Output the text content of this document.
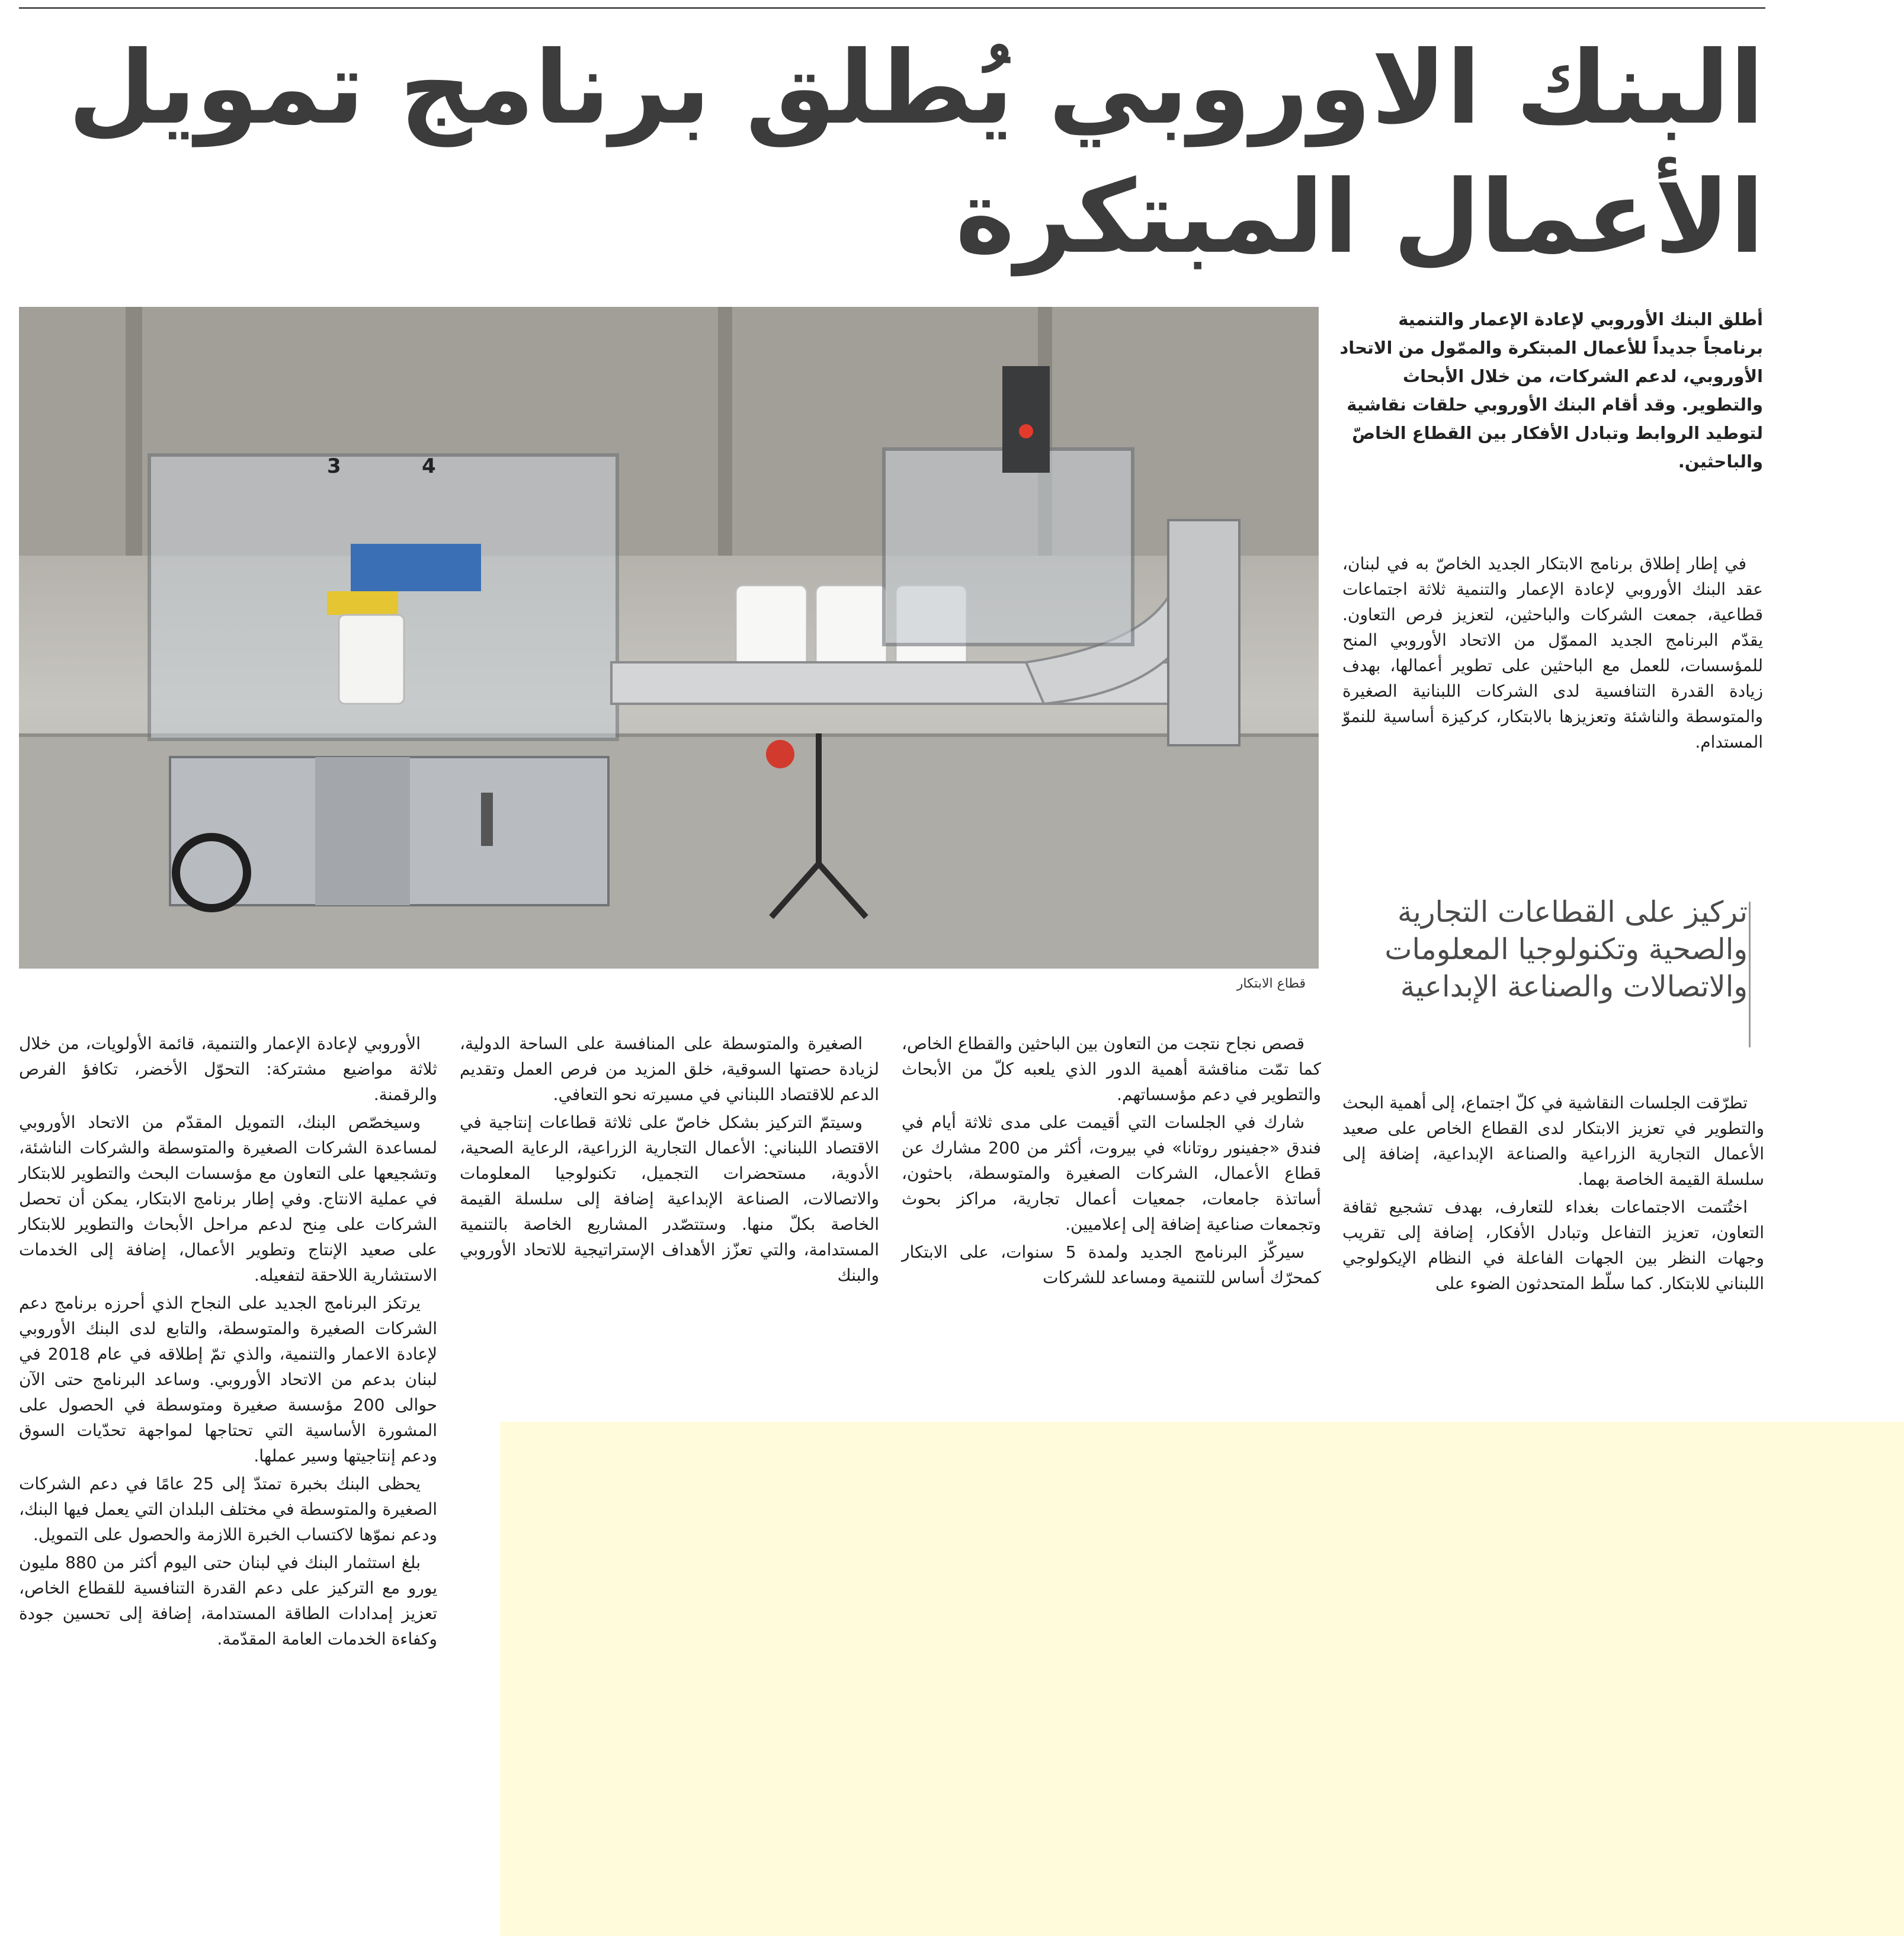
البنك الاوروبي يُطلق برنامج تمويل الأعمال المبتكرة

أطلق البنك الأوروبي لإعادة الإعمار والتنمية برنامجاً جديداً للأعمال المبتكرة والممّول من الاتحاد الأوروبي، لدعم الشركات، من خلال الأبحاث والتطوير. وقد أقام البنك الأوروبي حلقات نقاشية لتوطيد الروابط وتبادل الأفكار بين القطاع الخاصّ والباحثين.

3	4

قطاع الابتكار

في إطار إطلاق برنامج الابتكار الجديد الخاصّ به في لبنان، عقد البنك الأوروبي لإعادة الإعمار والتنمية ثلاثة اجتماعات قطاعية، جمعت الشركات والباحثين، لتعزيز فرص التعاون. يقدّم البرنامج الجديد المموّل من الاتحاد الأوروبي المنح للمؤسسات، للعمل مع الباحثين على تطوير أعمالها، بهدف زيادة القدرة التنافسية لدى الشركات اللبنانية الصغيرة والمتوسطة والناشئة وتعزيزها بالابتكار، كركيزة أساسية للنموّ المستدام.

تركيز على القطاعات التجارية والصحية وتكنولوجيا المعلومات والاتصالات والصناعة الإبداعية

تطرّقت الجلسات النقاشية في كلّ اجتماع، إلى أهمية البحث والتطوير في تعزيز الابتكار لدى القطاع الخاص على صعيد الأعمال التجارية الزراعية والصناعة الإبداعية، إضافة إلى سلسلة القيمة الخاصة بهما.

اختُتمت الاجتماعات بغداء للتعارف، بهدف تشجيع ثقافة التعاون، تعزيز التفاعل وتبادل الأفكار، إضافة إلى تقريب وجهات النظر بين الجهات الفاعلة في النظام الإيكولوجي اللبناني للابتكار. كما سلّط المتحدثون الضوء على

قصص نجاح نتجت من التعاون بين الباحثين والقطاع الخاص، كما تمّت مناقشة أهمية الدور الذي يلعبه كلّ من الأبحاث والتطوير في دعم مؤسساتهم.

شارك في الجلسات التي أقيمت على مدى ثلاثة أيام في فندق «جفينور روتانا» في بيروت، أكثر من 200 مشارك عن قطاع الأعمال، الشركات الصغيرة والمتوسطة، باحثون، أساتذة جامعات، جمعيات أعمال تجارية، مراكز بحوث وتجمعات صناعية إضافة إلى إعلاميين.

سيركّز البرنامج الجديد ولمدة 5 سنوات، على الابتكار كمحرّك أساس للتنمية ومساعد للشركات

الصغيرة والمتوسطة على المنافسة على الساحة الدولية، لزيادة حصتها السوقية، خلق المزيد من فرص العمل وتقديم الدعم للاقتصاد اللبناني في مسيرته نحو التعافي.

وسيتمّ التركيز بشكل خاصّ على ثلاثة قطاعات إنتاجية في الاقتصاد اللبناني: الأعمال التجارية الزراعية، الرعاية الصحية، الأدوية، مستحضرات التجميل، تكنولوجيا المعلومات والاتصالات، الصناعة الإبداعية إضافة إلى سلسلة القيمة الخاصة بكلّ منها. وستتصّدر المشاريع الخاصة بالتنمية المستدامة، والتي تعزّز الأهداف الإستراتيجية للاتحاد الأوروبي والبنك

الأوروبي لإعادة الإعمار والتنمية، قائمة الأولويات، من خلال ثلاثة مواضيع مشتركة: التحوّل الأخضر، تكافؤ الفرص والرقمنة.

وسيخصّص البنك، التمويل المقدّم من الاتحاد الأوروبي لمساعدة الشركات الصغيرة والمتوسطة والشركات الناشئة، وتشجيعها على التعاون مع مؤسسات البحث والتطوير للابتكار في عملية الانتاج. وفي إطار برنامج الابتكار، يمكن أن تحصل الشركات على مِنح لدعم مراحل الأبحاث والتطوير للابتكار على صعيد الإنتاج وتطوير الأعمال، إضافة إلى الخدمات الاستشارية اللاحقة لتفعيله.

يرتكز البرنامج الجديد على النجاح الذي أحرزه برنامج دعم الشركات الصغيرة والمتوسطة، والتابع لدى البنك الأوروبي لإعادة الاعمار والتنمية، والذي تمّ إطلاقه في عام 2018 في لبنان بدعم من الاتحاد الأوروبي. وساعد البرنامج حتى الآن حوالى 200 مؤسسة صغيرة ومتوسطة في الحصول على المشورة الأساسية التي تحتاجها لمواجهة تحدّيات السوق ودعم إنتاجيتها وسير عملها.

يحظى البنك بخبرة تمتدّ إلى 25 عامًا في دعم الشركات الصغيرة والمتوسطة في مختلف البلدان التي يعمل فيها البنك، ودعم نموّها لاكتساب الخبرة اللازمة والحصول على التمويل.

بلغ استثمار البنك في لبنان حتى اليوم أكثر من 880 مليون يورو مع التركيز على دعم القدرة التنافسية للقطاع الخاص، تعزيز إمدادات الطاقة المستدامة، إضافة إلى تحسين جودة وكفاءة الخدمات العامة المقدّمة.
